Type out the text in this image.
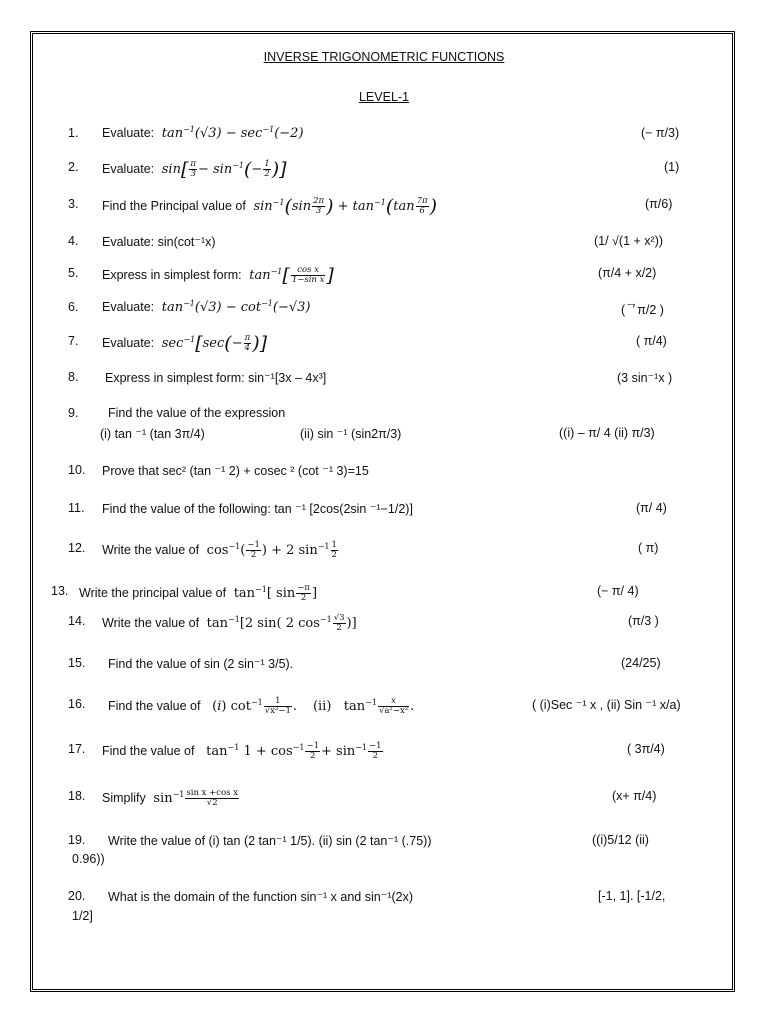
INVERSE TRIGONOMETRIC FUNCTIONS
LEVEL-1
1. Evaluate:  $\tan^{-1}(√3) - \sec^{-1}(-2)$	(− π/3)
2. Evaluate:  $\sin[ \frac{\pi}{3} - \sin^{-1}(- \frac{1}{2}$ )]	(1)
3. Find the Principal value of  $\sin^{-1}(\sin \frac{2\pi}{3}$ ) + $\tan^{-1}(\tan \frac{7\pi}{6}$ )	(π/6)
4. Evaluate: sin(cot⁻¹x)	(1/ √(1 + x²))
5. Express in simplest form:  $\tan^{-1}[ \frac{\text{cos x}}{\text{1−sin x}}$ ]	(π/4 + x/2)
6. Evaluate:  $\tan^{-1}(√3) - \cot^{-1}(-√3)$	(ᄀπ/2 )
7. Evaluate:  $\sec^{-1}[\sec(- \frac{\pi}{4}$ )]	( π/4)
8. Express in simplest form: sin⁻¹[3x – 4x³]	(3 sin⁻¹x )
9. Find the value of the expression
(i) tan ⁻¹ (tan 3π/4)	(ii) sin ⁻¹ (sin2π/3)	((i) – π/ 4 (ii) π/3)
10. Prove that sec² (tan ⁻¹ 2) + cosec ² (cot ⁻¹ 3)=15
11. Find the value of the following: tan ⁻¹ [2cos(2sin ⁻¹−1/2)]	(π/ 4)
12. Write the value of  $\cos^{-1}( \frac{-1}{2}$ ) + 2 $\sin^{-1} \frac{1}{2}$	( π)
13. Write the principal value of  $\tan^{-1}$[ $\sin \frac{-\pi}{2}$ ]	(− π/ 4)
14. Write the value of  $\tan^{-1}[2$ sin( 2 $\cos^{-1} \frac{√3}{2}$ )]	(π/3 )
15. Find the value of sin (2 sin⁻¹ 3/5).	(24/25)
16. Find the value of   (i) $\cot^{-1} \frac{1}{\text{√x²−1}}$ .    (ii)   $\tan^{-1} \frac{x}{\text{√a²−x²}}$ .	( (i)Sec ⁻¹ x , (ii) Sin ⁻¹ x/a)
17. Find the value of   $\tan^{-1} 1 + \cos^{-1} \frac{-1}{2} + \sin^{-1} \frac{-1}{2}$	( 3π/4)
18. Simplify  $\sin^{-1} \frac{\text{sin x +cos x}}{√2}$	(x+ π/4)
19. Write the value of (i) tan (2 tan⁻¹ 1/5). (ii) sin (2 tan⁻¹ (.75))	((i)5/12 (ii)
0.96))
20. What is the domain of the function sin⁻¹ x and sin⁻¹(2x)	[-1, 1]. [-1/2,
1/2]
